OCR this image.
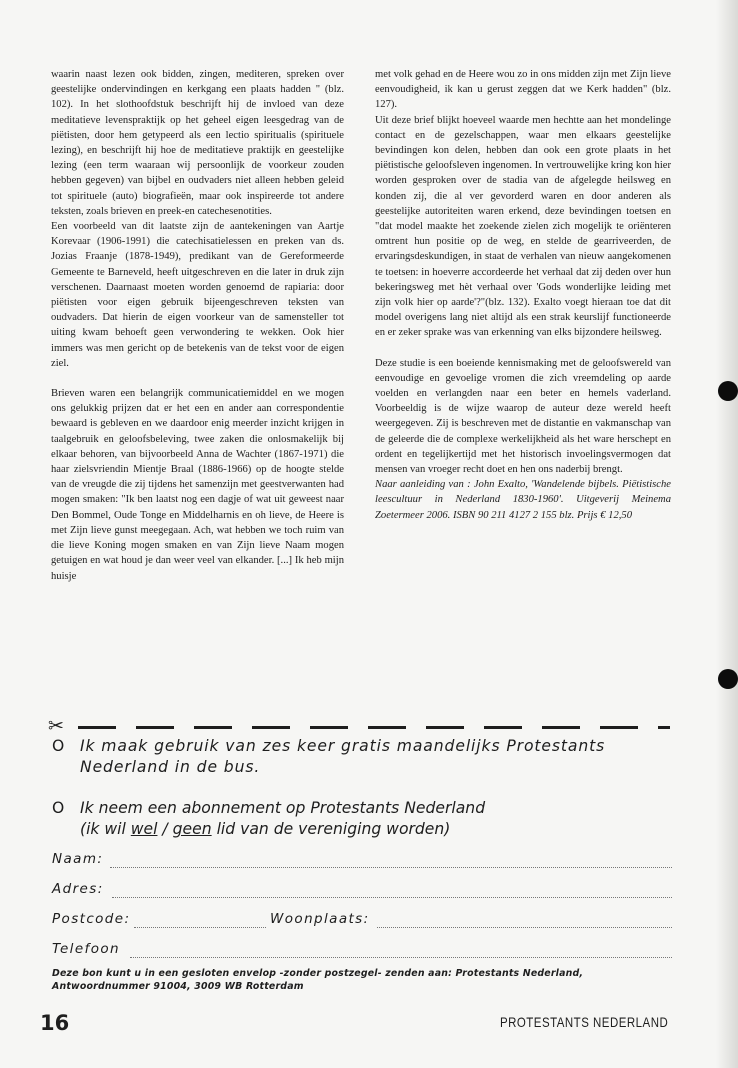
waarin naast lezen ook bidden, zingen, mediteren, spreken over geestelijke ondervindingen en kerkgang een plaats hadden " (blz. 102). In het slothoofdstuk beschrijft hij de invloed van deze meditatieve levenspraktijk op het geheel eigen leesgedrag van de piëtisten, door hem getypeerd als een lectio spiritualis (spirituele lezing), en beschrijft hij hoe de meditatieve praktijk en geestelijke lezing (een term waaraan wij persoonlijk de voorkeur zouden hebben gegeven) van bijbel en oudvaders niet alleen hebben geleid tot spirituele (auto) biografieën, maar ook inspireerde tot andere teksten, zoals brieven en preek-en catechesenotities.

Een voorbeeld van dit laatste zijn de aantekeningen van Aartje Korevaar (1906-1991) die catechisatielessen en preken van ds. Jozias Fraanje (1878-1949), predikant van de Gereformeerde Gemeente te Barneveld, heeft uitgeschreven en die later in druk zijn verschenen. Daarnaast moeten worden genoemd de rapiaria: door piëtisten voor eigen gebruik bijeengeschreven teksten van oudvaders. Dat hierin de eigen voorkeur van de samensteller tot uiting kwam behoeft geen verwondering te wekken. Ook hier immers was men gericht op de betekenis van de tekst voor de eigen ziel.

Brieven waren een belangrijk communicatiemiddel en we mogen ons gelukkig prijzen dat er het een en ander aan correspondentie bewaard is gebleven en we daardoor enig meerder inzicht krijgen in taalgebruik en geloofsbeleving, twee zaken die onlosmakelijk bij elkaar behoren, van bijvoorbeeld Anna de Wachter (1867-1971) die haar zielsvriendin Mientje Braal (1886-1966) op de hoogte stelde van de vreugde die zij tijdens het samenzijn met geestverwanten had mogen smaken: "Ik ben laatst nog een dagje of wat uit geweest naar Den Bommel, Oude Tonge en Middelharnis en oh lieve, de Heere is met Zijn lieve gunst meegegaan. Ach, wat hebben we toch ruim van die lieve Koning mogen smaken en van Zijn lieve Naam mogen getuigen en wat houd je dan weer veel van elkander. [...] Ik heb mijn huisje

met volk gehad en de Heere wou zo in ons midden zijn met Zijn lieve eenvoudigheid, ik kan u gerust zeggen dat we Kerk hadden" (blz. 127).

Uit deze brief blijkt hoeveel waarde men hechtte aan het mondelinge contact en de gezelschappen, waar men elkaars geestelijke bevindingen kon delen, hebben dan ook een grote plaats in het piëtistische geloofsleven ingenomen. In vertrouwelijke kring kon hier worden gesproken over de stadia van de afgelegde heilsweg en konden zij, die al ver gevorderd waren en door anderen als geestelijke autoriteiten waren erkend, deze bevindingen toetsen en "dat model maakte het zoekende zielen zich mogelijk te oriënteren omtrent hun positie op de weg, en stelde de gearriveerden, de ervaringsdeskundigen, in staat de verhalen van nieuw aangekomenen te toetsen: in hoeverre accordeerde het verhaal dat zij deden over hun bekeringsweg met hèt verhaal over 'Gods wonderlijke leiding met zijn volk hier op aarde'?"(blz. 132). Exalto voegt hieraan toe dat dit model overigens lang niet altijd als een strak keurslijf functioneerde en er zeker sprake was van erkenning van elks bijzondere heilsweg.

Deze studie is een boeiende kennismaking met de geloofswereld van eenvoudige en gevoelige vromen die zich vreemdeling op aarde voelden en verlangden naar een beter en hemels vaderland. Voorbeeldig is de wijze waarop de auteur deze wereld heeft weergegeven. Zij is beschreven met de distantie en vakmanschap van de geleerde die de complexe werkelijkheid als het ware herschept en ordent en tegelijkertijd met het historisch invoelingsvermogen dat mensen van vroeger recht doet en hen ons naderbij brengt.

Naar aanleiding van : John Exalto, 'Wandelende bijbels. Piëtistische leescultuur in Nederland 1830-1960'. Uitgeverij Meinema Zoetermeer 2006. ISBN 90 211 4127 2 155 blz. Prijs € 12,50

✂
O Ik maak gebruik van zes keer gratis maandelijks Protestants Nederland in de bus.
O	Ik neem een abonnement op Protestants Nederland
(ik wil wel / geen lid van de vereniging worden)
Naam:
Adres:
Postcode:	Woonplaats:
Telefoon
Deze bon kunt u in een gesloten envelop -zonder postzegel- zenden aan: Protestants Nederland, Antwoordnummer 91004, 3009 WB Rotterdam
16	PROTESTANTS NEDERLAND
